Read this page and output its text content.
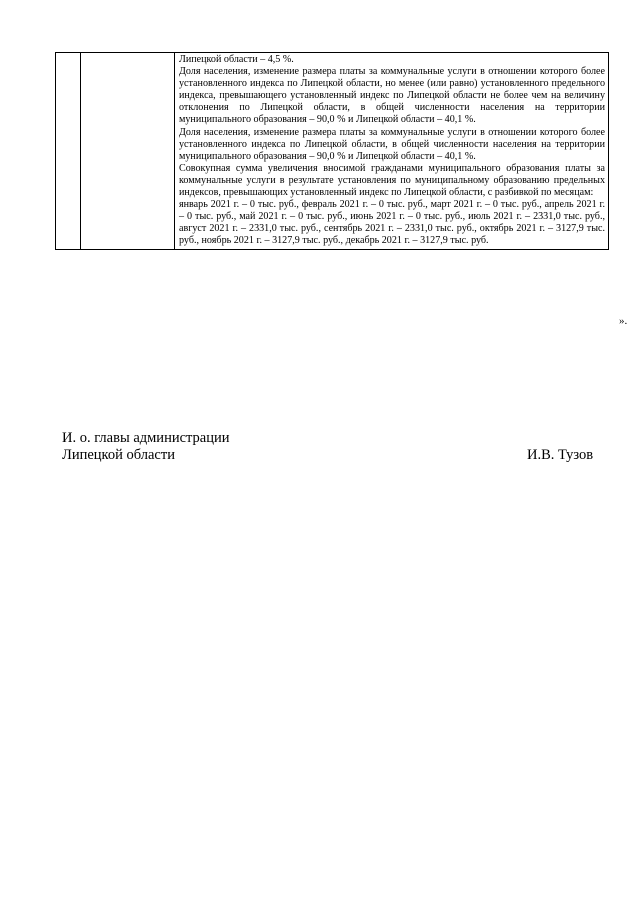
Липецкой области – 4,5 %.
Доля населения, изменение размера платы за коммунальные услуги в отношении которого более установленного индекса по Липецкой области, но менее (или равно) установленного предельного индекса, превышающего установленный индекс по Липецкой области не более чем на величину отклонения по Липецкой области, в общей численности населения на территории муниципального образования – 90,0 % и Липецкой области – 40,1 %.
Доля населения, изменение размера платы за коммунальные услуги в отношении которого более установленного индекса по Липецкой области, в общей численности населения на территории муниципального образования – 90,0 % и Липецкой области – 40,1 %.
Совокупная сумма увеличения вносимой гражданами муниципального образования платы за коммунальные услуги в результате установления по муниципальному образованию предельных индексов, превышающих установленный индекс по Липецкой области, с разбивкой по месяцам:
январь 2021 г. – 0 тыс. руб., февраль 2021 г. – 0 тыс. руб., март 2021 г. – 0 тыс. руб., апрель 2021 г. – 0 тыс. руб., май 2021 г. – 0 тыс. руб., июнь 2021 г. – 0 тыс. руб., июль 2021 г. – 2331,0 тыс. руб., август 2021 г. – 2331,0 тыс. руб., сентябрь 2021 г. – 2331,0 тыс. руб., октябрь 2021 г. – 3127,9 тыс. руб., ноябрь 2021 г. – 3127,9 тыс. руб., декабрь 2021 г. – 3127,9 тыс. руб.
».
И. о. главы администрации
Липецкой области	И.В. Тузов
